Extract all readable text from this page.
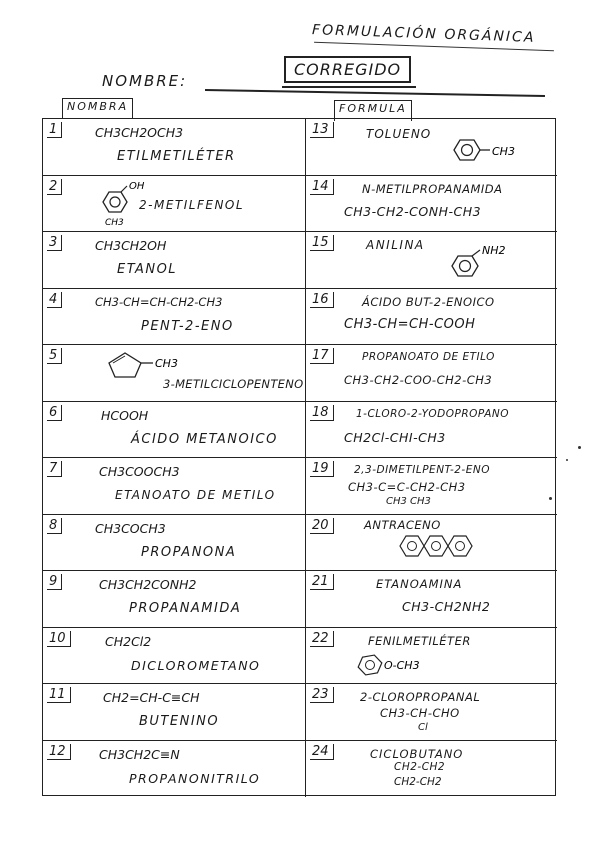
FORMULACIÓN ORGÁNICA
NOMBRE:
CORREGIDO
NOMBRA	FORMULA
1	CH3CH2OCH3
ETILMETILÉTER
13	TOLUENO
CH3
2	OH
CH3
2-METILFENOL
14	N-METILPROPANAMIDA
CH3-CH2-CONH-CH3
3	CH3CH2OH
ETANOL
15	ANILINA	NH2
4	CH3-CH=CH-CH2-CH3
PENT-2-ENO
16	ÁCIDO BUT-2-ENOICO
CH3-CH=CH-COOH
5
CH3
3-METILCICLOPENTENO
17	PROPANOATO DE ETILO
CH3-CH2-COO-CH2-CH3
6	HCOOH
ÁCIDO METANOICO
18	1-CLORO-2-YODOPROPANO
CH2Cl-CHI-CH3
7	CH3COOCH3
ETANOATO DE METILO
19	2,3-DIMETILPENT-2-ENO
CH3-C=C-CH2-CH3
CH3 CH3
8	CH3COCH3
PROPANONA
20	ANTRACENO
9	CH3CH2CONH2
PROPANAMIDA
21	ETANOAMINA
CH3-CH2NH2
10	CH2Cl2
DICLOROMETANO
22	FENILMETILÉTER
O-CH3
11	CH2=CH-C≡CH
BUTENINO
23	2-CLOROPROPANAL
CH3-CH-CHO
Cl
12	CH3CH2C≡N
PROPANONITRILO
24	CICLOBUTANO
CH2-CH2
CH2-CH2
